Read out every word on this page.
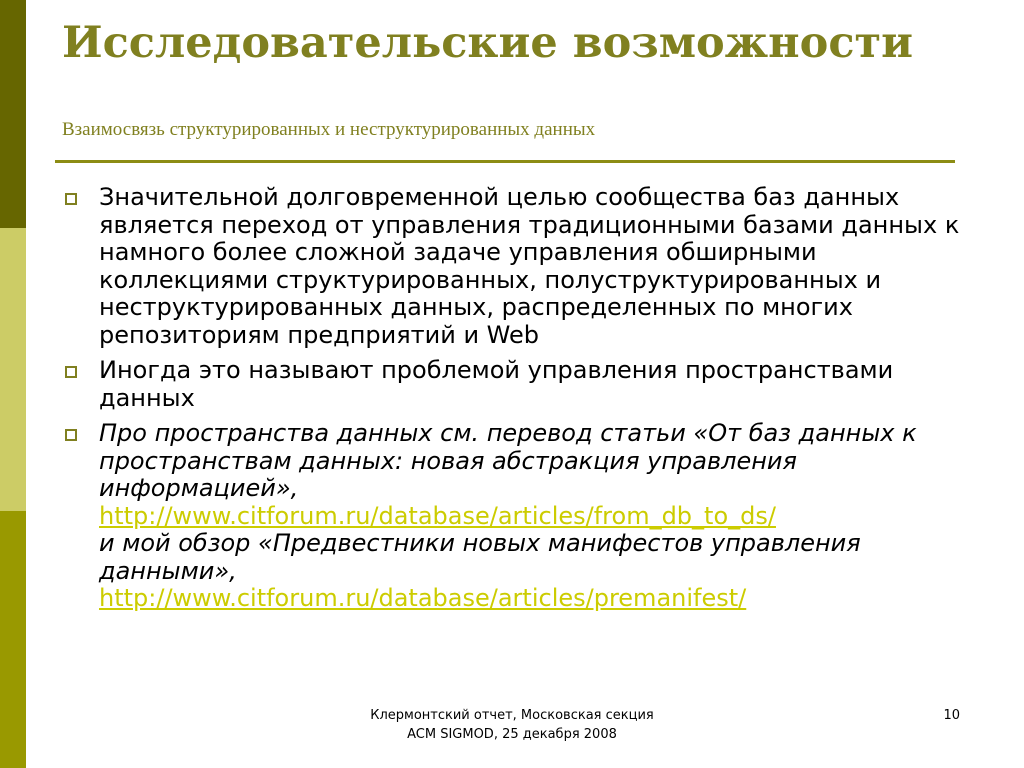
Исследовательские возможности

Взаимосвязь структурированных и неструктурированных данных

Значительной долговременной целью сообщества баз данных является переход от управления традиционными базами данных к намного более сложной задаче управления обширными коллекциями структурированных, полуструктурированных и неструктурированных данных, распределенных по многих репозиториям предприятий и Web
Иногда это называют проблемой управления пространствами данных
Про пространства данных см. перевод статьи «От баз данных к пространствам данных: новая абстракция управления информацией»,
http://www.citforum.ru/database/articles/from_db_to_ds/
и мой обзор «Предвестники новых манифестов управления данными»,
http://www.citforum.ru/database/articles/premanifest/
Клермонтский отчет, Московская секция
ACM SIGMOD, 25 декабря 2008
10
